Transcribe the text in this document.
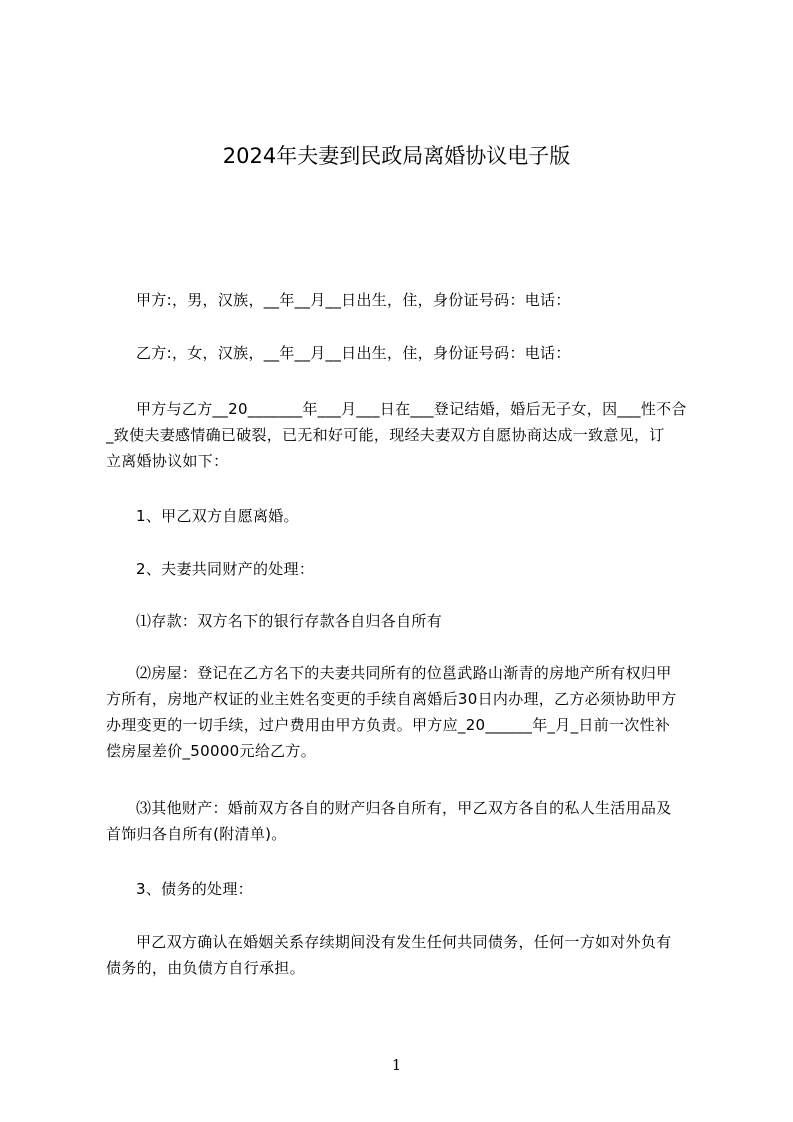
2024年夫妻到民政局离婚协议电子版
甲方:，男，汉族，__年__月__日出生，住，身份证号码：电话：
乙方:，女，汉族，__年__月__日出生，住，身份证号码：电话：
甲方与乙方__20_______年___月___日在___登记结婚，婚后无子女，因___性不合
_致使夫妻感情确已破裂，已无和好可能，现经夫妻双方自愿协商达成一致意见，订
立离婚协议如下：
1、甲乙双方自愿离婚。
2、夫妻共同财产的处理：
⑴存款：双方名下的银行存款各自归各自所有
⑵房屋：登记在乙方名下的夫妻共同所有的位邕武路山渐青的房地产所有权归甲
方所有，房地产权证的业主姓名变更的手续自离婚后30日内办理，乙方必须协助甲方
办理变更的一切手续，过户费用由甲方负责。甲方应_20______年_月_日前一次性补
偿房屋差价_50000元给乙方。
⑶其他财产：婚前双方各自的财产归各自所有，甲乙双方各自的私人生活用品及
首饰归各自所有(附清单)。
3、债务的处理：
甲乙双方确认在婚姻关系存续期间没有发生任何共同债务，任何一方如对外负有
债务的，由负债方自行承担。
1
